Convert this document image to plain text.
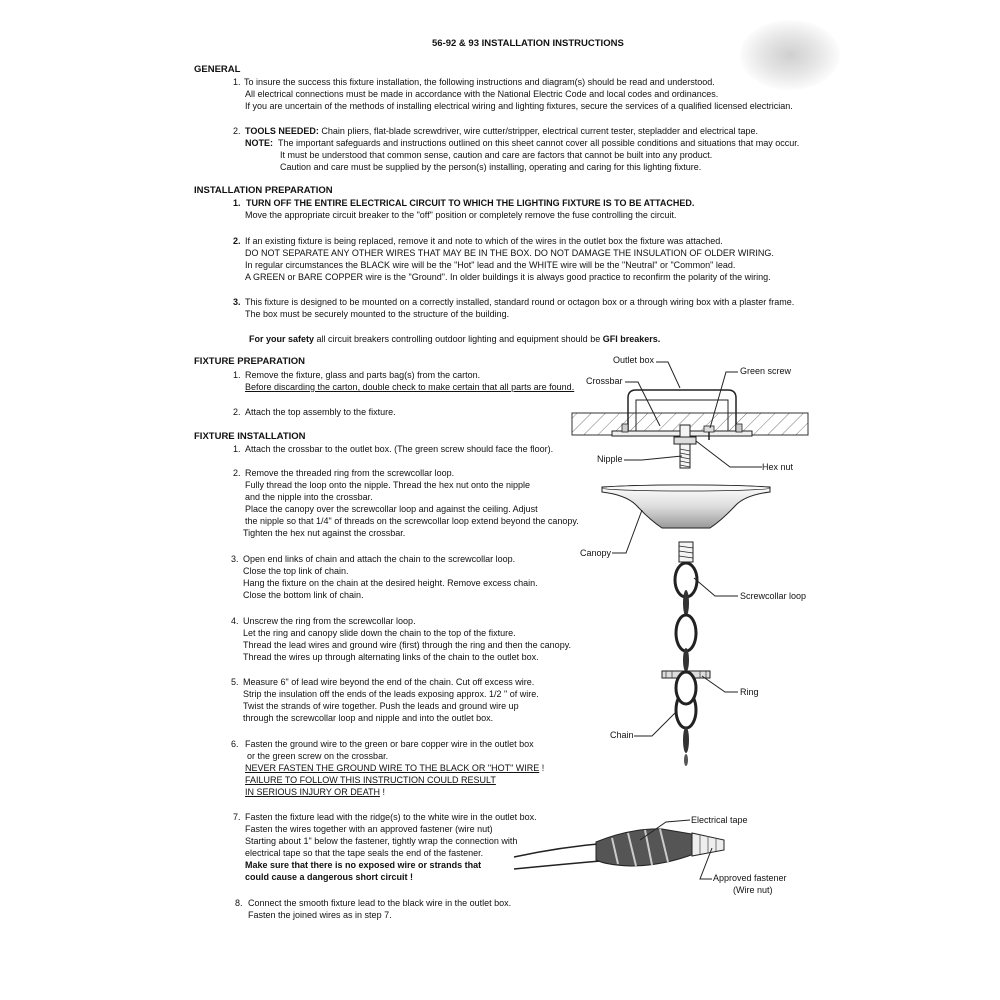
56-92 & 93 INSTALLATION INSTRUCTIONS
GENERAL
1. To insure the success this fixture installation, the following instructions and diagram(s) should be read and understood.
All electrical connections must be made in accordance with the National Electric Code and local codes and ordinances.
If you are uncertain of the methods of installing electrical wiring and lighting fixtures, secure the services of a qualified licensed electrician.
2. TOOLS NEEDED: Chain pliers, flat-blade screwdriver, wire cutter/stripper, electrical current tester, stepladder and electrical tape.
NOTE: The important safeguards and instructions outlined on this sheet cannot cover all possible conditions and situations that may occur.
It must be understood that common sense, caution and care are factors that cannot be built into any product.
Caution and care must be supplied by the person(s) installing, operating and caring for this lighting fixture.
INSTALLATION PREPARATION
1. TURN OFF THE ENTIRE ELECTRICAL CIRCUIT TO WHICH THE LIGHTING FIXTURE IS TO BE ATTACHED.
Move the appropriate circuit breaker to the "off" position or completely remove the fuse controlling the circuit.
2. If an existing fixture is being replaced, remove it and note to which of the wires in the outlet box the fixture was attached.
DO NOT SEPARATE ANY OTHER WIRES THAT MAY BE IN THE BOX. DO NOT DAMAGE THE INSULATION OF OLDER WIRING.
In regular circumstances the BLACK wire will be the "Hot" lead and the WHITE wire will be the "Neutral" or "Common" lead.
A GREEN or BARE COPPER wire is the "Ground". In older buildings it is always good practice to reconfirm the polarity of the wiring.
3. This fixture is designed to be mounted on a correctly installed, standard round or octagon box or a through wiring box with a plaster frame.
The box must be securely mounted to the structure of the building.
For your safety all circuit breakers controlling outdoor lighting and equipment should be GFI breakers.
FIXTURE PREPARATION
1. Remove the fixture, glass and parts bag(s) from the carton.
Before discarding the carton, double check to make certain that all parts are found.
2. Attach the top assembly to the fixture.
FIXTURE INSTALLATION
1. Attach the crossbar to the outlet box. (The green screw should face the floor).
2. Remove the threaded ring from the screwcollar loop.
Fully thread the loop onto the nipple. Thread the hex nut onto the nipple
and the nipple into the crossbar.
Place the canopy over the screwcollar loop and against the ceiling. Adjust
the nipple so that 1/4" of threads on the screwcollar loop extend beyond the canopy.
Tighten the hex nut against the crossbar.
3. Open end links of chain and attach the chain to the screwcollar loop.
Close the top link of chain.
Hang the fixture on the chain at the desired height. Remove excess chain.
Close the bottom link of chain.
4. Unscrew the ring from the screwcollar loop.
Let the ring and canopy slide down the chain to the top of the fixture.
Thread the lead wires and ground wire (first) through the ring and then the canopy.
Thread the wires up through alternating links of the chain to the outlet box.
5. Measure 6" of lead wire beyond the end of the chain. Cut off excess wire.
Strip the insulation off the ends of the leads exposing approx. 1/2 " of wire.
Twist the strands of wire together. Push the leads and ground wire up
through the screwcollar loop and nipple and into the outlet box.
6. Fasten the ground wire to the green or bare copper wire in the outlet box
or the green screw on the crossbar.
NEVER FASTEN THE GROUND WIRE TO THE BLACK OR "HOT" WIRE !
FAILURE TO FOLLOW THIS INSTRUCTION COULD RESULT
IN SERIOUS INJURY OR DEATH !
7. Fasten the fixture lead with the ridge(s) to the white wire in the outlet box.
Fasten the wires together with an approved fastener (wire nut)
Starting about 1" below the fastener, tightly wrap the connection with
electrical tape so that the tape seals the end of the fastener.
Make sure that there is no exposed wire or strands that
could cause a dangerous short circuit !
8. Connect the smooth fixture lead to the black wire in the outlet box.
Fasten the joined wires as in step 7.
Outlet box
Green screw
Crossbar
Nipple
Hex nut
Canopy
Screwcollar loop
Ring
Chain
Electrical tape
Approved fastener
(Wire nut)
